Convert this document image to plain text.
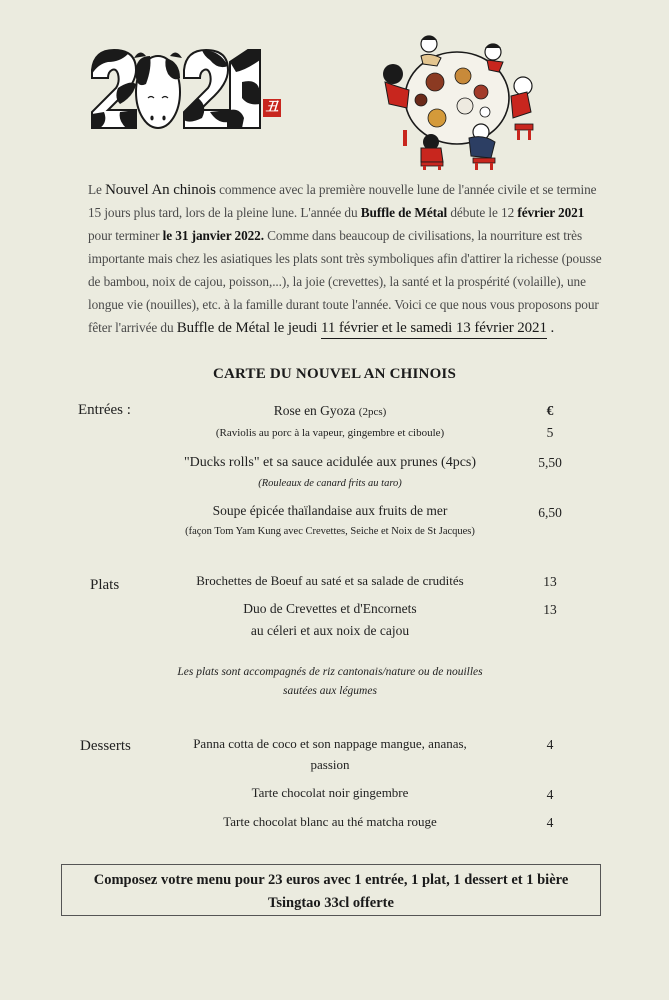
丑
Le Nouvel An chinois commence avec la première nouvelle lune de l'année civile et se termine
15 jours plus tard, lors de la pleine lune. L'année du Buffle de Métal débute le 12 février 2021
pour terminer le 31 janvier 2022. Comme dans beaucoup de civilisations, la nourriture est très
importante mais chez les asiatiques les plats sont très symboliques afin d'attirer la richesse (pousse
de bambou, noix de cajou, poisson,...), la joie (crevettes), la santé et la prospérité (volaille), une
longue vie (nouilles), etc. à la famille durant toute l'année. Voici ce que nous vous proposons pour
fêter l'arrivée du Buffle de Métal le jeudi 11 février et le samedi 13 février 2021 .
CARTE DU NOUVEL AN CHINOIS
Entrées :	€
Rose en Gyoza (2pcs)
(Raviolis au porc à la vapeur, gingembre et ciboule)	5
"Ducks rolls" et sa sauce acidulée aux prunes (4pcs)	5,50
(Rouleaux de canard frits au taro)
Soupe épicée thaïlandaise aux fruits de mer	6,50
(façon Tom Yam Kung avec Crevettes, Seiche et Noix de St Jacques)
Plats	Brochettes de Boeuf au saté et sa salade de crudités	13
Duo de Crevettes et d'Encornets	13
au céleri et aux noix de cajou
Les plats sont accompagnés de riz cantonais/nature ou de nouilles
sautées aux légumes
Desserts	Panna cotta de coco et son nappage mangue, ananas,	4
passion
Tarte chocolat noir gingembre	4
Tarte chocolat blanc au thé matcha rouge	4
Composez votre menu pour 23 euros avec 1 entrée, 1 plat, 1 dessert et 1 bière
Tsingtao 33cl offerte
